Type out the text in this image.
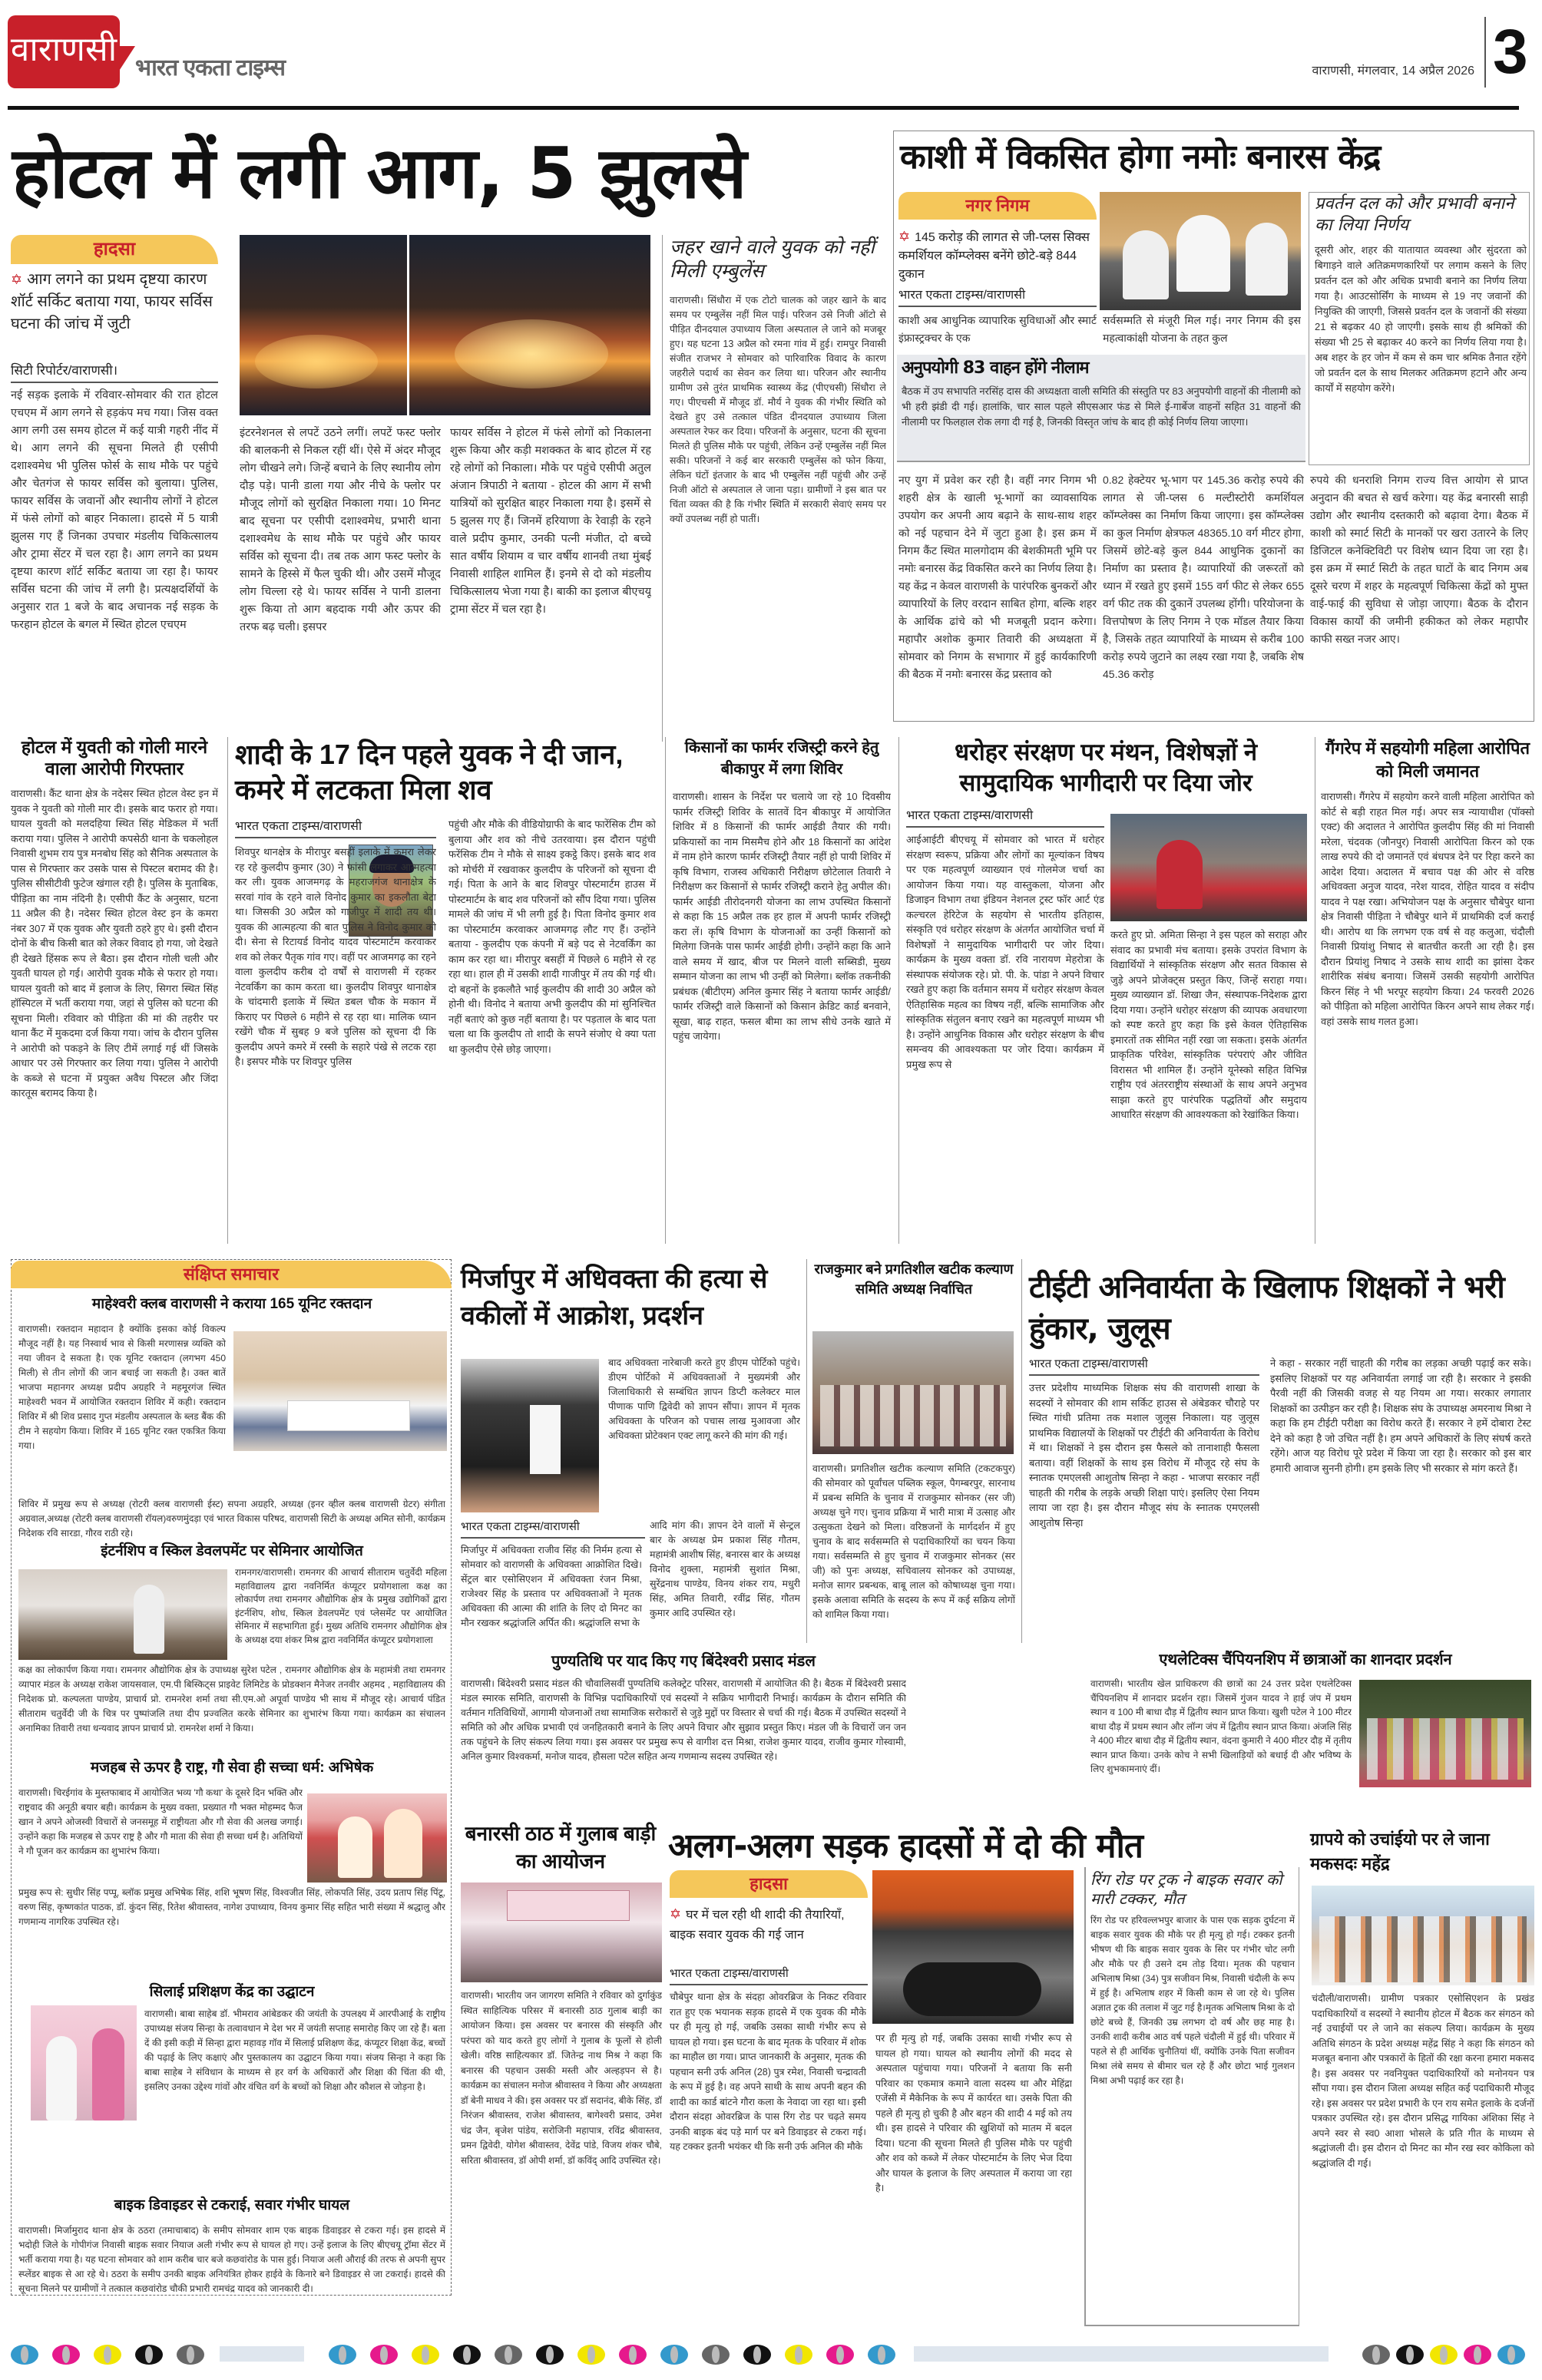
वाराणसी भारत एकता टाइम्स	वाराणसी, मंगलवार, 14 अप्रैल 2026 3
होटल में लगी आग, 5 झुलसे
हादसा
✡ आग लगने का प्रथम दृष्टया कारण शॉर्ट सर्किट बताया गया, फायर सर्विस घटना की जांच में जुटी
सिटी रिपोर्टर/वाराणसी।
नई सड़क इलाके में रविवार-सोमवार की रात होटल एचएम में आग लगने से हड़कंप मच गया। जिस वक्त आग लगी उस समय होटल में कई यात्री गहरी नींद में थे। आग लगने की सूचना मिलते ही एसीपी दशाश्वमेध भी पुलिस फोर्स के साथ मौके पर पहुंचे और चेतगंज से फायर सर्विस को बुलाया। पुलिस, फायर सर्विस के जवानों और स्थानीय लोगों ने होटल में फंसे लोगों को बाहर निकाला। हादसे में 5 यात्री झुलस गए हैं जिनका उपचार मंडलीय चिकित्सालय और ट्रामा सेंटर में चल रहा है। आग लगने का प्रथम दृष्टया कारण शॉर्ट सर्किट बताया जा रहा है। फायर सर्विस घटना की जांच में लगी है। प्रत्यक्षदर्शियों के अनुसार रात 1 बजे के बाद अचानक नई सड़क के फरहान होटल के बगल में स्थित होटल एचएम
इंटरनेशनल से लपटें उठने लगीं। लपटें फस्ट फ्लोर की बालकनी से निकल रहीं थीं। ऐसे में अंदर मौजूद लोग चीखने लगे। जिन्हें बचाने के लिए स्थानीय लोग दौड़ पड़े। पानी डाला गया और नीचे के फ्लोर पर मौजूद लोगों को सुरक्षित निकाला गया। 10 मिनट बाद सूचना पर एसीपी दशाश्वमेध, प्रभारी थाना दशाश्वमेध के साथ मौके पर पहुंचे और फायर सर्विस को सूचना दी। तब तक आग फस्ट फ्लोर के सामने के हिस्से में फैल चुकी थी। और उसमें मौजूद लोग चिल्ला रहे थे। फायर सर्विस ने पानी डालना शुरू किया तो आग बहदाक गयी और ऊपर की तरफ बढ़ चली। इसपर
फायर सर्विस ने होटल में फंसे लोगों को निकालना शुरू किया और कड़ी मशक्कत के बाद होटल में रह रहे लोगों को निकाला। मौके पर पहुंचे एसीपी अतुल अंजान त्रिपाठी ने बताया - होटल की आग में सभी यात्रियों को सुरक्षित बाहर निकाला गया है। इसमें से 5 झुलस गए हैं। जिनमें हरियाणा के रेवाड़ी के रहने वाले प्रदीप कुमार, उनकी पत्नी मंजीत, दो बच्चे सात वर्षीय शियाम व चार वर्षीय शानवी तथा मुंबई निवासी शाहिल शामिल हैं। इनमे से दो को मंडलीय चिकित्सालय भेजा गया है। बाकी का इलाज बीएचयू ट्रामा सेंटर में चल रहा है।
जहर खाने वाले युवक को नहीं मिली एम्बुलेंस
वाराणसी। सिंधौरा में एक टोटो चालक को जहर खाने के बाद समय पर एम्बुलेंस नहीं मिल पाई। परिजन उसे निजी ऑटो से पीड़ित दीनदयाल उपाध्याय जिला अस्पताल ले जाने को मजबूर हुए। यह घटना 13 अप्रैल को रमना गांव में हुई। रामपुर निवासी संजीत राजभर ने सोमवार को पारिवारिक विवाद के कारण जहरीले पदार्थ का सेवन कर लिया था। परिजन और स्थानीय ग्रामीण उसे तुरंत प्राथमिक स्वास्थ्य केंद्र (पीएचसी) सिंधौरा ले गए। पीएचसी में मौजूद डॉ. मौर्य ने युवक की गंभीर स्थिति को देखते हुए उसे तत्काल पंडित दीनदयाल उपाध्याय जिला अस्पताल रेफर कर दिया। परिजनों के अनुसार, घटना की सूचना मिलते ही पुलिस मौके पर पहुंची, लेकिन उन्हें एम्बुलेंस नहीं मिल सकी। परिजनों ने कई बार सरकारी एम्बुलेंस को फोन किया, लेकिन घंटों इंतजार के बाद भी एम्बुलेंस नहीं पहुंची और उन्हें निजी ऑटो से अस्पताल ले जाना पड़ा। ग्रामीणों ने इस बात पर चिंता व्यक्त की है कि गंभीर स्थिति में सरकारी सेवाएं समय पर क्यों उपलब्ध नहीं हो पातीं।
काशी में विकसित होगा नमोः बनारस केंद्र
नगर निगम
✡ 145 करोड़ की लागत से जी-प्लस सिक्स कमर्शियल कॉम्प्लेक्स बनेंगे छोटे-बड़े 844 दुकान
भारत एकता टाइम्स/वाराणसी
काशी अब आधुनिक व्यापारिक सुविधाओं और स्मार्ट इंफ्रास्ट्रक्चर के एक
सर्वसम्मति से मंजूरी मिल गई। नगर निगम की इस महत्वाकांक्षी योजना के तहत कुल
अनुपयोगी 83 वाहन होंगे नीलाम
बैठक में उप सभापति नरसिंह दास की अध्यक्षता वाली समिति की संस्तुति पर 83 अनुपयोगी वाहनों की नीलामी को भी हरी झंडी दी गई। हालांकि, चार साल पहले सीएसआर फंड से मिले ई-गार्बेज वाहनों सहित 31 वाहनों की नीलामी पर फिलहाल रोक लगा दी गई है, जिनकी विस्तृत जांच के बाद ही कोई निर्णय लिया जाएगा।
प्रवर्तन दल को और प्रभावी बनाने का लिया निर्णय
दूसरी ओर, शहर की यातायात व्यवस्था और सुंदरता को बिगाड़ने वाले अतिक्रमणकारियों पर लगाम कसने के लिए प्रवर्तन दल को और अधिक प्रभावी बनाने का निर्णय लिया गया है। आउटसोर्सिंग के माध्यम से 19 नए जवानों की नियुक्ति की जाएगी, जिससे प्रवर्तन दल के जवानों की संख्या 21 से बढ़कर 40 हो जाएगी। इसके साथ ही श्रमिकों की संख्या भी 25 से बढ़ाकर 40 करने का निर्णय लिया गया है। अब शहर के हर जोन में कम से कम चार श्रमिक तैनात रहेंगे जो प्रवर्तन दल के साथ मिलकर अतिक्रमण हटाने और अन्य कार्यों में सहयोग करेंगे।
नए युग में प्रवेश कर रही है। वहीं नगर निगम भी शहरी क्षेत्र के खाली भू-भागों का व्यावसायिक उपयोग कर अपनी आय बढ़ाने के साथ-साथ शहर को नई पहचान देने में जुटा हुआ है। इस क्रम में निगम कैंट स्थित मालगोदाम की बेशकीमती भूमि पर नमोः बनारस केंद्र विकसित करने का निर्णय लिया है। यह केंद्र न केवल वाराणसी के पारंपरिक बुनकरों और व्यापारियों के लिए वरदान साबित होगा, बल्कि शहर के आर्थिक ढांचे को भी मजबूती प्रदान करेगा। महापौर अशोक कुमार तिवारी की अध्यक्षता में सोमवार को निगम के सभागार में हुई कार्यकारिणी की बैठक में नमोः बनारस केंद्र प्रस्ताव को
0.82 हेक्टेयर भू-भाग पर 145.36 करोड़ रुपये की लागत से जी-प्लस 6 मल्टीस्टोरी कमर्शियल कॉम्प्लेक्स का निर्माण किया जाएगा। इस कॉम्प्लेक्स का कुल निर्माण क्षेत्रफल 48365.10 वर्ग मीटर होगा, जिसमें छोटे-बड़े कुल 844 आधुनिक दुकानों का निर्माण का प्रस्ताव है। व्यापारियों की जरूरतों को ध्यान में रखते हुए इसमें 155 वर्ग फीट से लेकर 655 वर्ग फीट तक की दुकानें उपलब्ध होंगी। परियोजना के वित्तपोषण के लिए निगम ने एक मॉडल तैयार किया है, जिसके तहत व्यापारियों के माध्यम से करीब 100 करोड़ रुपये जुटाने का लक्ष्य रखा गया है, जबकि शेष 45.36 करोड़
रुपये की धनराशि निगम राज्य वित्त आयोग से प्राप्त अनुदान की बचत से खर्च करेगा। यह केंद्र बनारसी साड़ी उद्योग और स्थानीय दस्तकारी को बढ़ावा देगा। बैठक में काशी को स्मार्ट सिटी के मानकों पर खरा उतारने के लिए डिजिटल कनेक्टिविटी पर विशेष ध्यान दिया जा रहा है। इस क्रम में स्मार्ट सिटी के तहत घाटों के बाद निगम अब दूसरे चरण में शहर के महत्वपूर्ण चिकित्सा केंद्रों को मुफ्त वाई-फाई की सुविधा से जोड़ा जाएगा। बैठक के दौरान विकास कार्यों की जमीनी हकीकत को लेकर महापौर काफी सख्त नजर आए।
होटल में युवती को गोली मारने वाला आरोपी गिरफ्तार
वाराणसी। कैंट थाना क्षेत्र के नदेसर स्थित होटल वेस्ट इन में युवक ने युवती को गोली मार दी। इसके बाद फरार हो गया। घायल युवती को मलदहिया स्थित सिंह मेडिकल में भर्ती कराया गया। पुलिस ने आरोपी कपसेठी थाना के चकलोहल निवासी शुभम राय पुत्र मनबोध सिंह को सैनिक अस्पताल के पास से गिरफ्तार कर उसके पास से पिस्टल बरामद की है। पुलिस सीसीटीवी फुटेज खंगाल रही है। पुलिस के मुताबिक, पीड़िता का नाम नंदिनी है। एसीपी कैंट के अनुसार, घटना 11 अप्रैल की है। नदेसर स्थित होटल वेस्ट इन के कमरा नंबर 307 में एक युवक और युवती ठहरे हुए थे। इसी दौरान दोनों के बीच किसी बात को लेकर विवाद हो गया, जो देखते ही देखते हिंसक रूप ले बैठा। इस दौरान गोली चली और युवती घायल हो गई। आरोपी युवक मौके से फरार हो गया। घायल युवती को बाद में इलाज के लिए, सिगरा स्थित सिंह हॉस्पिटल में भर्ती कराया गया, जहां से पुलिस को घटना की सूचना मिली। रविवार को पीड़िता की मां की तहरीर पर थाना कैंट में मुकदमा दर्ज किया गया। जांच के दौरान पुलिस ने आरोपी को पकड़ने के लिए टीमें लगाई गई थीं जिसके आधार पर उसे गिरफ्तार कर लिया गया। पुलिस ने आरोपी के कब्जे से घटना में प्रयुक्त अवैध पिस्टल और जिंदा कारतूस बरामद किया है।
शादी के 17 दिन पहले युवक ने दी जान, कमरे में लटकता मिला शव
भारत एकता टाइम्स/वाराणसी
शिवपुर थानक्षेत्र के मीरापुर बसहीं इलाके में कमरा लेकर रह रहे कुलदीप कुमार (30) ने फांसी लगाकर आत्महत्या कर ली। युवक आजमगढ़ के महराजगंज थानाक्षेत्र के सरवां गांव के रहने वाले विनोद कुमार का इकलौता बेटा था। जिसकी 30 अप्रैल को गाजीपुर में शादी तय थी। युवक की आत्महत्या की बात पुलिस ने विनोद कुमार को दी। सेना से रिटायर्ड विनोद यादव पोस्टमार्टम करवाकर शव को लेकर पैतृक गांव गए। वहीं पर आजमगढ़ का रहने वाला कुलदीप करीब दो वर्षों से वाराणसी में रहकर नेटवर्किंग का काम करता था। कुलदीप शिवपुर थानाक्षेत्र के चांदमारी इलाके में स्थित डबल चौक के मकान में किराए पर पिछले 6 महीने से रह रहा था। मालिक ध्यान रखेंगे चौक में सुबह 9 बजे पुलिस को सूचना दी कि कुलदीप अपने कमरे में रस्सी के सहारे पंखे से लटक रहा है। इसपर मौके पर शिवपुर पुलिस
पहुंची और मौके की वीडियोग्राफी के बाद फारेंसिक टीम को बुलाया और शव को नीचे उतरवाया। इस दौरान पहुंची फरेंसिक टीम ने मौके से साक्ष्य इकट्ठे किए। इसके बाद शव को मोर्चरी में रखवाकर कुलदीप के परिजनों को सूचना दी गई। पिता के आने के बाद शिवपुर पोस्टमार्टम हाउस में पोस्टमार्टम के बाद शव परिजनों को सौंप दिया गया। पुलिस मामले की जांच में भी लगी हुई है। पिता विनोद कुमार शव का पोस्टमार्टम करवाकर आजमगढ़ लौट गए हैं। उन्होंने बताया - कुलदीप एक कंपनी में बड़े पद से नेटवर्किंग का काम कर रहा था। मीरापुर बसहीं में पिछले 6 महीने से रह रहा था। हाल ही में उसकी शादी गाजीपुर में तय की गई थी। दो बहनों के इकलौते भाई कुलदीप की शादी 30 अप्रैल को होनी थी। विनोद ने बताया अभी कुलदीप की मां सुनिश्चित नहीं बताएं को कुछ नहीं बताया है। पर पड़ताल के बाद पता चला था कि कुलदीप तो शादी के सपने संजोए थे क्या पता था कुलदीप ऐसे छोड़ जाएगा।
किसानों का फार्मर रजिस्ट्री करने हेतु बीकापुर में लगा शिविर
वाराणसी। शासन के निर्देश पर चलाये जा रहे 10 दिवसीय फार्मर रजिस्ट्री शिविर के सातवें दिन बीकापुर में आयोजित शिविर में 8 किसानों की फार्मर आईडी तैयार की गयी। प्रकियासों का नाम मिसमैच होने और 18 किसानों का आंदेश में नाम होने कारण फार्मर रजिस्ट्री तैयार नहीं हो पायी शिविर में कृषि विभाग, राजस्व अधिकारी निरीक्षण छोटेलाल तिवारी ने निरीक्षण कर किसानों से फार्मर रजिस्ट्री कराने हेतु अपील की। फार्मर आईडी तीरोदनगरी योजना का लाभ उपस्थित किसानों से कहा कि 15 अप्रैल तक हर हाल में अपनी फार्मर रजिस्ट्री करा लें। कृषि विभाग के योजनाओं का उन्हीं किसानों को मिलेगा जिनके पास फार्मर आईडी होगी। उन्होंने कहा कि आने वाले समय में खाद, बीज पर मिलने वाली सब्सिडी, मुख्य सम्मान योजना का लाभ भी उन्हीं को मिलेगा। ब्लॉक तकनीकी प्रबंधक (बीटीएम) अनिल कुमार सिंह ने बताया फार्मर आईडी/फार्मर रजिस्ट्री वाले किसानों को किसान क्रेडिट कार्ड बनवाने, सूखा, बाढ़ राहत, फसल बीमा का लाभ सीधे उनके खाते में पहुंच जायेगा।
धरोहर संरक्षण पर मंथन, विशेषज्ञों ने सामुदायिक भागीदारी पर दिया जोर
भारत एकता टाइम्स/वाराणसी
आईआईटी बीएचयू में सोमवार को भारत में धरोहर संरक्षण स्वरूप, प्रक्रिया और लोगों का मूल्यांकन विषय पर एक महत्वपूर्ण व्याख्यान एवं गोलमेज चर्चा का आयोजन किया गया। यह वास्तुकला, योजना और डिजाइन विभाग तथा इंडियन नेशनल ट्रस्ट फॉर आर्ट एंड कल्चरल हेरिटेज के सहयोग से भारतीय इतिहास, संस्कृति एवं धरोहर संरक्षण के अंतर्गत आयोजित चर्चा में विशेषज्ञों ने सामुदायिक भागीदारी पर जोर दिया। कार्यक्रम के मुख्य वक्ता डॉ. रवि नारायण मेहरोत्रा के संस्थापक संयोजक रहे। प्रो. पी. के. पांडा ने अपने विचार रखते हुए कहा कि वर्तमान समय में धरोहर संरक्षण केवल ऐतिहासिक महत्व का विषय नहीं, बल्कि सामाजिक और सांस्कृतिक संतुलन बनाए रखने का महत्वपूर्ण माध्यम भी है। उन्होंने आधुनिक विकास और धरोहर संरक्षण के बीच समन्वय की आवश्यकता पर जोर दिया। कार्यक्रम में प्रमुख रूप से
करते हुए प्रो. अमिता सिन्हा ने इस पहल को सराहा और संवाद का प्रभावी मंच बताया। इसके उपरांत विभाग के विद्यार्थियों ने सांस्कृतिक संरक्षण और सतत विकास से जुड़े अपने प्रोजेक्ट्स प्रस्तुत किए, जिन्हें सराहा गया। मुख्य व्याख्यान डॉ. शिखा जैन, संस्थापक-निदेशक द्वारा दिया गया। उन्होंने धरोहर संरक्षण की व्यापक अवधारणा को स्पष्ट करते हुए कहा कि इसे केवल ऐतिहासिक इमारतों तक सीमित नहीं रखा जा सकता। इसके अंतर्गत प्राकृतिक परिवेश, सांस्कृतिक परंपराएं और जीवित विरासत भी शामिल हैं। उन्होंने यूनेस्को सहित विभिन्न राष्ट्रीय एवं अंतरराष्ट्रीय संस्थाओं के साथ अपने अनुभव साझा करते हुए पारंपरिक पद्धतियों और समुदाय आधारित संरक्षण की आवश्यकता को रेखांकित किया।
गैंगरेप में सहयोगी महिला आरोपित को मिली जमानत
वाराणसी। गैंगरेप में सहयोग करने वाली महिला आरोपित को कोर्ट से बड़ी राहत मिल गई। अपर सत्र न्यायाधीश (पॉक्सो एक्ट) की अदालत ने आरोपित कुलदीप सिंह की मां निवासी मरेला, चंदवक (जौनपुर) निवासी आरोपिता किरन को एक लाख रुपये की दो जमानतें एवं बंधपत्र देने पर रिहा करने का आदेश दिया। अदालत में बचाव पक्ष की ओर से वरिष्ठ अधिवक्ता अनुज यादव, नरेश यादव, रोहित यादव व संदीप यादव ने पक्ष रखा। अभियोजन पक्ष के अनुसार चौबेपुर थाना क्षेत्र निवासी पीड़िता ने चौबेपुर थाने में प्राथमिकी दर्ज कराई थी। आरोप था कि लगभग एक वर्ष से वह कलुआ, चंदौली निवासी प्रियांशु निषाद से बातचीत करती आ रही है। इस दौरान प्रियांशु निषाद ने उसके साथ शादी का झांसा देकर शारीरिक संबंध बनाया। जिसमें उसकी सहयोगी आरोपित किरन सिंह ने भी भरपूर सहयोग किया। 24 फरवरी 2026 को पीड़िता को महिला आरोपित किरन अपने साथ लेकर गई। वहां उसके साथ गलत हुआ।
संक्षिप्त समाचार
माहेश्वरी क्लब वाराणसी ने कराया 165 यूनिट रक्तदान
वाराणसी। रक्तदान महादान है क्योंकि इसका कोई विकल्प मौजूद नहीं है। यह निस्वार्थ भाव से किसी मरणासन्न व्यक्ति को नया जीवन दे सकता है। एक यूनिट रक्तदान (लगभग 450 मिली) से तीन लोगों की जान बचाई जा सकती है। उक्त बातें भाजपा महानगर अध्यक्ष प्रदीप अग्रहरि ने महमूरगंज स्थित माहेश्वरी भवन में आयोजित रक्तदान शिविर में कही। रक्तदान शिविर में श्री शिव प्रसाद गुप्त मंडलीय अस्पताल के ब्लड बैंक की टीम ने सहयोग किया। शिविर में 165 यूनिट रक्त एकत्रित किया गया।
शिविर में प्रमुख रूप से अध्यक्ष (रोटरी क्लब वाराणसी ईस्ट) सपना अग्रहरि, अध्यक्ष (इनर व्हील क्लब वाराणसी ग्रेटर) संगीता अग्रवाल,अध्यक्ष (रोटरी क्लब वाराणसी रॉयल)वरुणमुंदड़ा एवं भारत विकास परिषद, वाराणसी सिटी के अध्यक्ष अमित सोनी, कार्यक्रम निदेशक रवि सारडा, गौरव राठी रहे।
इंटर्नशिप व स्किल डेवलपमेंट पर सेमिनार आयोजित
रामनगर/वाराणसी। रामनगर की आचार्य सीताराम चतुर्वेदी महिला महाविद्यालय द्वारा नवनिर्मित कंप्यूटर प्रयोगशाला कक्ष का लोकार्पण तथा रामनगर औद्योगिक क्षेत्र के प्रमुख उद्योगिकों द्वारा इंटर्नशिप, शोध, स्किल डेवलपमेंट एवं प्लेसमेंट पर आयोजित सेमिनार में सहभागिता हुई। मुख्य अतिथि रामनगर औद्योगिक क्षेत्र के अध्यक्ष दया शंकर मिश्र द्वारा नवनिर्मित कंप्यूटर प्रयोगशाला
कक्ष का लोकार्पण किया गया। रामनगर औद्योगिक क्षेत्र के उपाध्यक्ष सुरेश पटेल , रामनगर औद्योगिक क्षेत्र के महामंत्री तथा रामनगर व्यापार मंडल के अध्यक्ष राकेश जायसवाल, एम.पी बिस्किट्स प्राइवेट लिमिटेड के प्रोडक्शन मैनेजर तनवीर अहमद , महाविद्यालय की निदेशक प्रो. कल्पलता पाण्डेय, प्राचार्य प्रो. रामनरेश शर्मा तथा सी.एम.ओ अपूर्वा पाण्डेय भी साथ में मौजूद रहे। आचार्य पंडित सीताराम चतुर्वेदी जी के चित्र पर पुष्पांजलि तथा दीप प्रज्वलित करके सेमिनार का शुभारंभ किया गया। कार्यक्रम का संचालन अनामिका तिवारी तथा धन्यवाद ज्ञापन प्राचार्य प्रो. रामनरेश शर्मा ने किया।
मजहब से ऊपर है राष्ट्र, गौ सेवा ही सच्चा धर्म: अभिषेक
वाराणसी। चिरईगांव के मुस्तफाबाद में आयोजित भव्य 'गौ कथा' के दूसरे दिन भक्ति और राष्ट्रवाद की अनूठी बयार बही। कार्यक्रम के मुख्य वक्ता, प्रख्यात गौ भक्त मोहम्मद फैज खान ने अपने ओजस्वी विचारों से जनसमूह में राष्ट्रीयता और गौ सेवा की अलख जगाई। उन्होंने कहा कि मजहब से ऊपर राष्ट्र है और गौ माता की सेवा ही सच्चा धर्म है। अतिथियों ने गौ पूजन कर कार्यक्रम का शुभारंभ किया।
प्रमुख रूप से: सुधीर सिंह पप्पू, ब्लॉक प्रमुख अभिषेक सिंह, शशि भूषण सिंह, विश्वजीत सिंह, लोकपति सिंह, उदय प्रताप सिंह पिंटू, वरुण सिंह, कृष्णकांत पाठक, डॉ. कुंदन सिंह, रितेश श्रीवास्तव, नागेश उपाध्याय, विनय कुमार सिंह सहित भारी संख्या में श्रद्धालु और गणमान्य नागरिक उपस्थित रहे।
सिलाई प्रशिक्षण केंद्र का उद्घाटन
वाराणसी। बाबा साहेब डॉ. भीमराव आंबेडकर की जयंती के उपलक्ष्य में आरपीआई के राष्ट्रीय उपाध्यक्ष संजय सिन्हा के तत्वावधान मे देश भर में जयंती सप्ताह समारोह किए जा रहे हैं। बता दें की इसी कड़ी में सिन्हा द्वारा महावड़ गॉव में सिलाई प्रशिक्षण केंद्र, कंप्यूटर शिक्षा केंद्र, बच्चों की पढ़ाई के लिए कक्षाएं और पुस्तकालय का उद्घाटन किया गया। संजय सिन्हा ने कहा कि बाबा साहेब ने संविधान के माध्यम से हर वर्ग के अधिकारों और शिक्षा की चिंता की थी, इसलिए उनका उद्देश्य गांवों और वंचित वर्ग के बच्चों को शिक्षा और कौशल से जोड़ना है।
बाइक डिवाइडर से टकराई, सवार गंभीर घायल
वाराणसी। मिर्जामुराद थाना क्षेत्र के ठठरा (तमाचाबाद) के समीप सोमवार शाम एक बाइक डिवाइडर से टकरा गई। इस हादसे में भदोही जिले के गोपीगंज निवासी बाइक सवार नियाज अली गंभीर रूप से घायल हो गए। उन्हें इलाज के लिए बीएचयू ट्रॉमा सेंटर में भर्ती कराया गया है। यह घटना सोमवार को शाम करीब चार बजे कछवांरोड के पास हुई। नियाज अली औराई की तरफ से अपनी सुपर स्प्लेंडर बाइक से आ रहे थे। ठठरा के समीप उनकी बाइक अनियंत्रित होकर हाईवे के किनारे बने डिवाइडर से जा टकराई। हादसे की सूचना मिलने पर ग्रामीणों ने तत्काल कछवांरोड चौकी प्रभारी रामचंद्र यादव को जानकारी दी।
मिर्जापुर में अधिवक्ता की हत्या से वकीलों में आक्रोश, प्रदर्शन
बाद अधिवक्ता नारेबाजी करते हुए डीएम पोर्टिको पहुंचे। डीएम पोर्टिको में अधिवक्ताओं ने मुख्यमंत्री और जिलाधिकारी से सम्बंधित ज्ञापन डिप्टी कलेक्टर माल पीणाक पाणि द्विवेदी को ज्ञापन सौंपा। ज्ञापन में मृतक अधिवक्ता के परिजन को पचास लाख मुआवजा और अधिवक्ता प्रोटेक्शन एक्ट लागू करने की मांग की गई।
भारत एकता टाइम्स/वाराणसी
मिर्जापुर में अधिवक्ता राजीव सिंह की निर्मम हत्या से सोमवार को वाराणसी के अधिवक्ता आक्रोशित दिखे। सेंट्रल बार एसोसिएशन में अधिवक्ता रंजन मिश्रा, राजेश्वर सिंह के प्रस्ताव पर अधिवक्ताओं ने मृतक अधिवक्ता की आत्मा की शांति के लिए दो मिनट का मौन रखकर श्रद्धांजलि अर्पित की। श्रद्धांजलि सभा के
आदि मांग की। ज्ञापन देने वालों में सेन्ट्रल बार के अध्यक्ष प्रेम प्रकाश सिंह गौतम, महामंत्री आशीष सिंह, बनारस बार के अध्यक्ष विनोद शुक्ला, महामंत्री सुशांत मिश्रा, सुरेंद्रनाथ पाण्डेय, विनय शंकर राय, मधुरी सिंह, अमित तिवारी, रवींद्र सिंह, गौतम कुमार आदि उपस्थित रहे।
पुण्यतिथि पर याद किए गए बिंदेश्वरी प्रसाद मंडल
वाराणसी। बिंदेश्वरी प्रसाद मंडल की चौवालिसवीं पुण्यतिथि कलेक्ट्रेट परिसर, वाराणसी में आयोजित की है। बैठक में बिंदेश्वरी प्रसाद मंडल स्मारक समिति, वाराणसी के विभिन्न पदाधिकारियों एवं सदस्यों ने सक्रिय भागीदारी निभाई। कार्यक्रम के दौरान समिति की वर्तमान गतिविधियों, आगामी योजनाओं तथा सामाजिक सरोकारों से जुड़े मुद्दों पर विस्तार से चर्चा की गई। बैठक में उपस्थित सदस्यों ने समिति को और अधिक प्रभावी एवं जनहितकारी बनाने के लिए अपने विचार और सुझाव प्रस्तुत किए। मंडल जी के विचारों जन जन तक पहुंचने के लिए संकल्प लिया गया। इस अवसर पर प्रमुख रूप से वागीश दत्त मिश्रा, राजेश कुमार यादव, राजीव कुमार गोस्वामी, अनिल कुमार विश्वकर्मा, मनोज यादव, हौसला पटेल सहित अन्य गणमान्य सदस्य उपस्थित रहे।
राजकुमार बने प्रगतिशील खटीक कल्याण समिति अध्यक्ष निर्वाचित
वाराणसी। प्रगतिशील खटीक कल्याण समिति (टकटकपुर) की सोमवार को पूर्वांचल पब्लिक स्कूल, पैगम्बरपुर, सारनाथ में प्रबन्ध समिति के चुनाव में राजकुमार सोनकर (सर जी) अध्यक्ष चुने गए। चुनाव प्रक्रिया में भारी मात्रा में उत्साह और उत्सुकता देखने को मिला। वरिष्ठजनों के मार्गदर्शन में हुए चुनाव के बाद सर्वसम्मति से पदाधिकारियों का चयन किया गया। सर्वसम्मति से हुए चुनाव में राजकुमार सोनकर (सर जी) को पुनः अध्यक्ष, सचिवालय सोनकर को उपाध्यक्ष, मनोज सागर प्रबन्धक, बाबू लाल को कोषाध्यक्ष चुना गया। इसके अलावा समिति के सदस्य के रूप में कई सक्रिय लोगों को शामिल किया गया।
टीईटी अनिवार्यता के खिलाफ शिक्षकों ने भरी हुंकार, जुलूस
भारत एकता टाइम्स/वाराणसी
उत्तर प्रदेशीय माध्यमिक शिक्षक संघ की वाराणसी शाखा के सदस्यों ने सोमवार की शाम सर्किट हाउस से अंबेडकर चौराहे पर स्थित गांधी प्रतिमा तक मशाल जुलूस निकाला। यह जुलूस प्राथमिक विद्यालयों के शिक्षकों पर टीईटी की अनिवार्यता के विरोध में था। शिक्षकों ने इस दौरान इस फैसले को तानाशाही फैसला बताया। वहीं शिक्षकों के साथ इस विरोध में मौजूद रहे संघ के स्नातक एमएलसी आशुतोष सिन्हा ने कहा - भाजपा सरकार नहीं चाहती की गरीब के लड़के अच्छी शिक्षा पाएं। इसलिए ऐसा नियम लाया जा रहा है। इस दौरान मौजूद संघ के स्नातक एमएलसी आशुतोष सिन्हा
ने कहा - सरकार नहीं चाहती की गरीब का लड़का अच्छी पढ़ाई कर सके। इसलिए शिक्षकों पर यह अनिवार्यता लगाई जा रही है। सरकार ने इसकी पैरवी नहीं की जिसकी वजह से यह नियम आ गया। सरकार लगातार शिक्षकों का उत्पीड़न कर रही है। शिक्षक संघ के उपाध्यक्ष अमरनाथ मिश्रा ने कहा कि हम टीईटी परीक्षा का विरोध करते हैं। सरकार ने हमें दोबारा टेस्ट देने को कहा है जो उचित नहीं है। हम अपने अधिकारों के लिए संघर्ष करते रहेंगे। आज यह विरोध पूरे प्रदेश में किया जा रहा है। सरकार को इस बार हमारी आवाज सुननी होगी। हम इसके लिए भी सरकार से मांग करते हैं।
एथलेटिक्स चैंपियनशिप में छात्राओं का शानदार प्रदर्शन
वाराणसी। भारतीय खेल प्राधिकरण की छात्रों का 24 उत्तर प्रदेश एथलेटिक्स चैंपियनशिप में शानदार प्रदर्शन रहा। जिसमें गुंजन यादव ने हाई जंप में प्रथम स्थान व 100 मी बाधा दौड़ में द्वितीय स्थान प्राप्त किया। खुशी पटेल ने 100 मीटर बाधा दौड़ में प्रथम स्थान और लॉन्ग जंप में द्वितीय स्थान प्राप्त किया। अंजलि सिंह ने 400 मीटर बाधा दौड़ में द्वितीय स्थान, वंदना कुमारी ने 400 मीटर दौड़ में तृतीय स्थान प्राप्त किया। उनके कोच ने सभी खिलाड़ियों को बधाई दी और भविष्य के लिए शुभकामनाएं दीं।
बनारसी ठाठ में गुलाब बाड़ी का आयोजन
वाराणसी। भारतीय जन जागरण समिति ने रविवार को दुर्गाकुंड स्थित साहित्यिक परिसर में बनारसी ठाठ गुलाब बाड़ी का आयोजन किया। इस अवसर पर बनारस की संस्कृति और परंपरा को याद करते हुए लोगों ने गुलाब के फूलों से होली खेली। वरिष्ठ साहित्यकार डॉ. जितेन्द्र नाथ मिश्र ने कहा कि बनारस की पहचान उसकी मस्ती और अल्हड़पन से है। कार्यक्रम का संचालन मनोज श्रीवास्तव ने किया और अध्यक्षता डॉ बेनी माधव ने की। इस अवसर पर डॉ सदानंद, बीके सिंह, डॉ निरंजन श्रीवास्तव, राजेश श्रीवास्तव, बागेश्वरी प्रसाद, उमेश चंद्र जैन, बृजेश पांडेय, सरोजिनी महापात्र, रविंद्र श्रीवास्तव, प्रमन द्विवेदी, योगेश श्रीवास्तव, देवेंद्र पांडे, विजय शंकर चौबे, सरिता श्रीवास्तव, डॉ ओपी शर्मा, डॉ कविंद् आदि उपस्थित रहे।
अलग-अलग सड़क हादसों में दो की मौत
हादसा
✡ घर में चल रही थी शादी की तैयारियाँ, बाइक सवार युवक की गई जान
भारत एकता टाइम्स/वाराणसी
चौबेपुर थाना क्षेत्र के संदहा ओवरब्रिज के निकट रविवार रात हुए एक भयानक सड़क हादसे में एक युवक की मौके पर ही मृत्यु हो गई, जबकि उसका साथी गंभीर रूप से घायल हो गया। इस घटना के बाद मृतक के परिवार में शोक का माहौल छा गया। प्राप्त जानकारी के अनुसार, मृतक की पहचान सनी उर्फ अनिल (28) पुत्र रमेश, निवासी चन्द्रावती के रूप में हुई है। वह अपने साथी के साथ अपनी बहन की शादी का कार्ड बांटने गौरा कला के नेवादा जा रहा था। इसी दौरान संदहा ओवरब्रिज के पास रिंग रोड पर चढ़ते समय उनकी बाइक बंद पड़े मार्ग पर बने डिवाइडर से टकरा गई। यह टक्कर इतनी भयंकर थी कि सनी उर्फ अनिल की मौके
पर ही मृत्यु हो गई, जबकि उसका साथी गंभीर रूप से घायल हो गया। घायल को स्थानीय लोगों की मदद से अस्पताल पहुंचाया गया। परिजनों ने बताया कि सनी परिवार का एकमात्र कमाने वाला सदस्य था और मेहिंद्रा एजेंसी में मैकेनिक के रूप में कार्यरत था। उसके पिता की पहले ही मृत्यु हो चुकी है और बहन की शादी 4 मई को तय थी। इस हादसे ने परिवार की खुशियों को मातम में बदल दिया। घटना की सूचना मिलते ही पुलिस मौके पर पहुंची और शव को कब्जे में लेकर पोस्टमार्टम के लिए भेज दिया और घायल के इलाज के लिए अस्पताल में कराया जा रहा है।
रिंग रोड पर ट्रक ने बाइक सवार को मारी टक्कर, मौत
रिंग रोड पर हरिवल्लभपुर बाजार के पास एक सड़क दुर्घटना में बाइक सवार युवक की मौके पर ही मृत्यु हो गई। टक्कर इतनी भीषण थी कि बाइक सवार युवक के सिर पर गंभीर चोट लगी और मौके पर ही उसने दम तोड़ दिया। मृतक की पहचान अभिलाष मिश्रा (34) पुत्र सजीवन मिश्र, निवासी चंदौली के रूप में हुई है। अभिलाष शहर में किसी काम से जा रहे थे। पुलिस अज्ञात ट्रक की तलाश में जुट गई है।मृतक अभिलाष मिश्रा के दो छोटे बच्चे हैं, जिनकी उम्र लगभग दो वर्ष और छह माह है। उनकी शादी करीब आठ वर्ष पहले चंदौली में हुई थी। परिवार में पहले से ही आर्थिक चुनौतियां थीं, क्योंकि उनके पिता सजीवन मिश्रा लंबे समय से बीमार चल रहे हैं और छोटा भाई गुलशन मिश्रा अभी पढ़ाई कर रहा है।
ग्रापये को उचांईयो पर ले जाना मकसदः महेंद्र
चंदौली/वाराणसी। ग्रामीण पत्रकार एसोसिएशन के प्रखंड पदाधिकारियों व सदस्यों ने स्थानीय होटल में बैठक कर संगठन को नई उचाईयों पर ले जाने का संकल्प लिया। कार्यक्रम के मुख्य अतिथि संगठन के प्रदेश अध्यक्ष महेंद्र सिंह ने कहा कि संगठन को मजबूत बनाना और पत्रकारों के हितों की रक्षा करना हमारा मकसद है। इस अवसर पर नवनियुक्त पदाधिकारियों को मनोनयन पत्र सौंपा गया। इस दौरान जिला अध्यक्ष सहित कई पदाधिकारी मौजूद रहे। इस अवसर पर प्रदेश प्रभारी के एन राय समेत इलाके के दर्जनों पत्रकार उपस्थित रहे। इस दौरान प्रसिद्ध गायिका अंशिका सिंह ने अपने स्वर से स्व0 आशा भोसले के प्रति गीत के माध्यम से श्रद्धांजली दी। इस दौरान दो मिनट का मौन रख स्वर कोकिला को श्रद्धांजलि दी गई।
